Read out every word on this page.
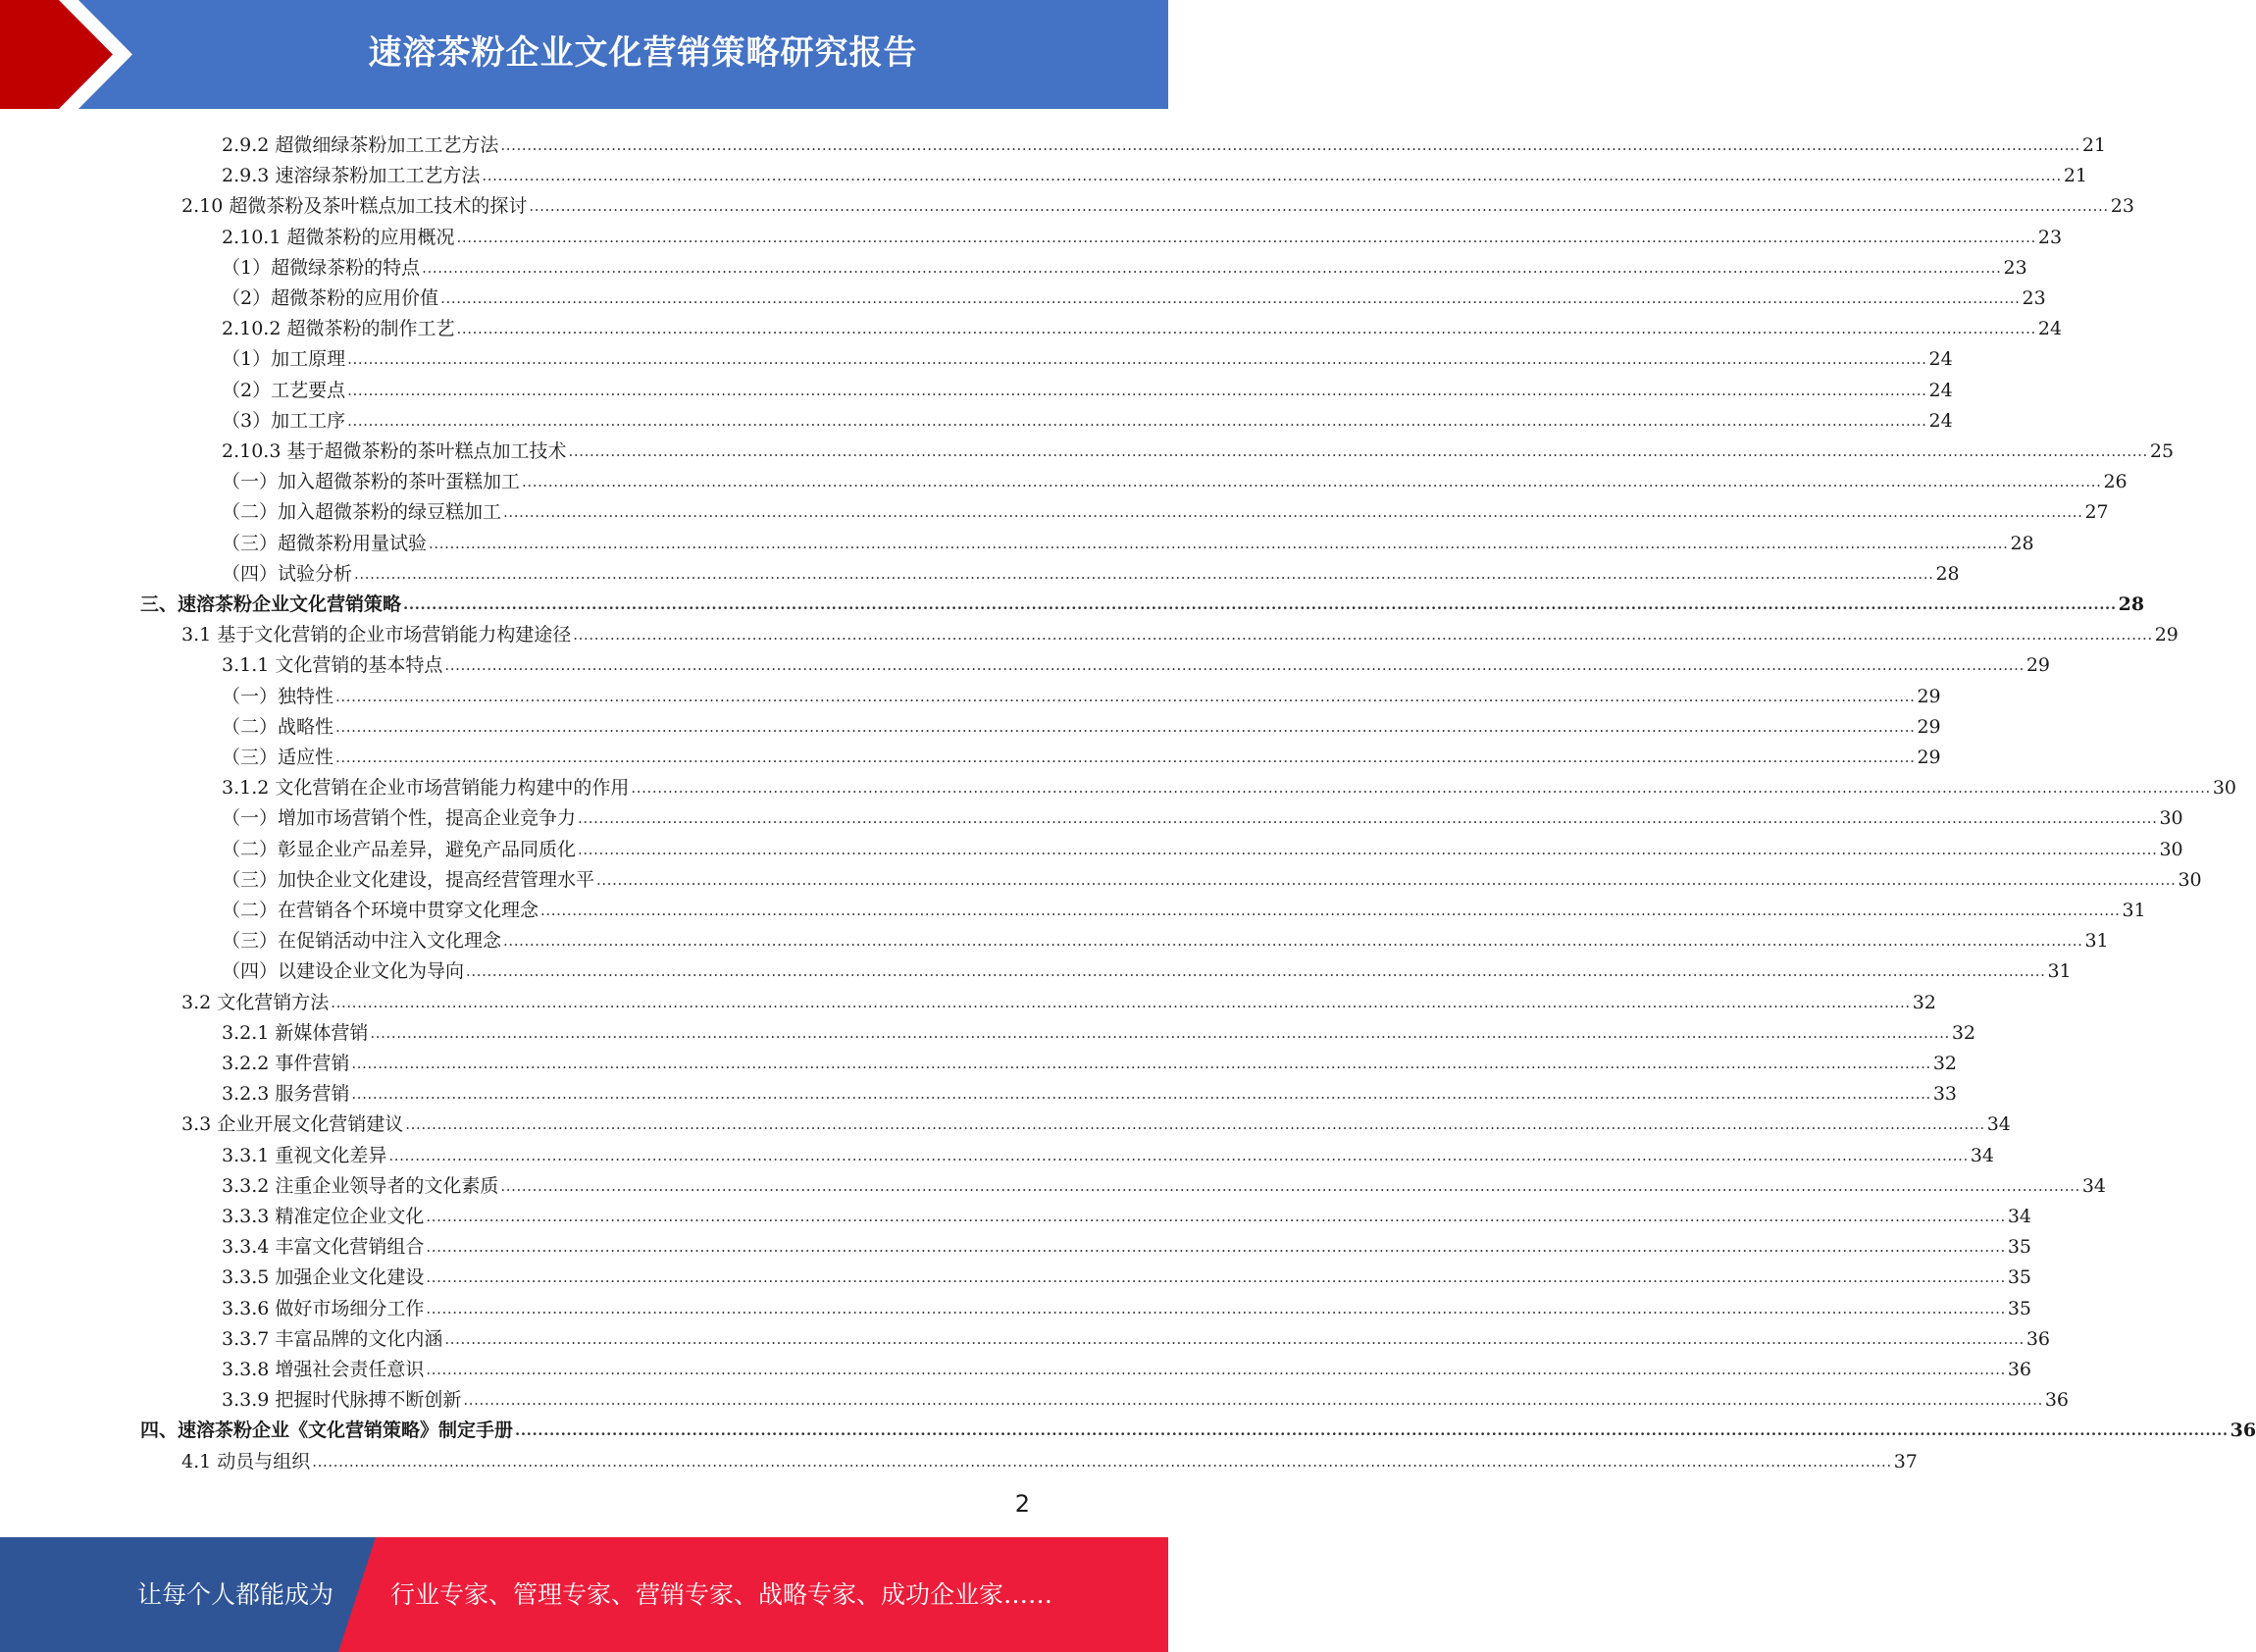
速溶茶粉企业文化营销策略研究报告
2.9.2 超微细绿茶粉加工工艺方法 ............................................................................................................................................................................................................................................................................................................ 21
2.9.3 速溶绿茶粉加工工艺方法 ............................................................................................................................................................................................................................................................................................................ 21
2.10 超微茶粉及茶叶糕点加工技术的探讨 ............................................................................................................................................................................................................................................................................................................ 23
2.10.1 超微茶粉的应用概况 ............................................................................................................................................................................................................................................................................................................ 23
（1）超微绿茶粉的特点 ............................................................................................................................................................................................................................................................................................................ 23
（2）超微茶粉的应用价值 ............................................................................................................................................................................................................................................................................................................ 23
2.10.2 超微茶粉的制作工艺 ............................................................................................................................................................................................................................................................................................................ 24
（1）加工原理 ............................................................................................................................................................................................................................................................................................................ 24
（2）工艺要点 ............................................................................................................................................................................................................................................................................................................ 24
（3）加工工序 ............................................................................................................................................................................................................................................................................................................ 24
2.10.3 基于超微茶粉的茶叶糕点加工技术 ............................................................................................................................................................................................................................................................................................................ 25
（一）加入超微茶粉的茶叶蛋糕加工 ............................................................................................................................................................................................................................................................................................................ 26
（二）加入超微茶粉的绿豆糕加工 ............................................................................................................................................................................................................................................................................................................ 27
（三）超微茶粉用量试验 ............................................................................................................................................................................................................................................................................................................ 28
（四）试验分析 ............................................................................................................................................................................................................................................................................................................ 28
三、速溶茶粉企业文化营销策略 ............................................................................................................................................................................................................................................................................................................ 28
3.1 基于文化营销的企业市场营销能力构建途径 ............................................................................................................................................................................................................................................................................................................ 29
3.1.1 文化营销的基本特点 ............................................................................................................................................................................................................................................................................................................ 29
（一）独特性 ............................................................................................................................................................................................................................................................................................................ 29
（二）战略性 ............................................................................................................................................................................................................................................................................................................ 29
（三）适应性 ............................................................................................................................................................................................................................................................................................................ 29
3.1.2 文化营销在企业市场营销能力构建中的作用 ............................................................................................................................................................................................................................................................................................................ 30
（一）增加市场营销个性，提高企业竞争力 ............................................................................................................................................................................................................................................................................................................ 30
（二）彰显企业产品差异，避免产品同质化 ............................................................................................................................................................................................................................................................................................................ 30
（三）加快企业文化建设，提高经营管理水平 ............................................................................................................................................................................................................................................................................................................ 30
（二）在营销各个环境中贯穿文化理念 ............................................................................................................................................................................................................................................................................................................ 31
（三）在促销活动中注入文化理念 ............................................................................................................................................................................................................................................................................................................ 31
（四）以建设企业文化为导向 ............................................................................................................................................................................................................................................................................................................ 31
3.2 文化营销方法 ............................................................................................................................................................................................................................................................................................................ 32
3.2.1 新媒体营销 ............................................................................................................................................................................................................................................................................................................ 32
3.2.2 事件营销 ............................................................................................................................................................................................................................................................................................................ 32
3.2.3 服务营销 ............................................................................................................................................................................................................................................................................................................ 33
3.3 企业开展文化营销建议 ............................................................................................................................................................................................................................................................................................................ 34
3.3.1 重视文化差异 ............................................................................................................................................................................................................................................................................................................ 34
3.3.2 注重企业领导者的文化素质 ............................................................................................................................................................................................................................................................................................................ 34
3.3.3 精准定位企业文化 ............................................................................................................................................................................................................................................................................................................ 34
3.3.4 丰富文化营销组合 ............................................................................................................................................................................................................................................................................................................ 35
3.3.5 加强企业文化建设 ............................................................................................................................................................................................................................................................................................................ 35
3.3.6 做好市场细分工作 ............................................................................................................................................................................................................................................................................................................ 35
3.3.7 丰富品牌的文化内涵 ............................................................................................................................................................................................................................................................................................................ 36
3.3.8 增强社会责任意识 ............................................................................................................................................................................................................................................................................................................ 36
3.3.9 把握时代脉搏不断创新 ............................................................................................................................................................................................................................................................................................................ 36
四、速溶茶粉企业《文化营销策略》制定手册 ............................................................................................................................................................................................................................................................................................................ 36
4.1 动员与组织 ............................................................................................................................................................................................................................................................................................................ 37
2
让每个人都能成为 行业专家、管理专家、营销专家、战略专家、成功企业家……
